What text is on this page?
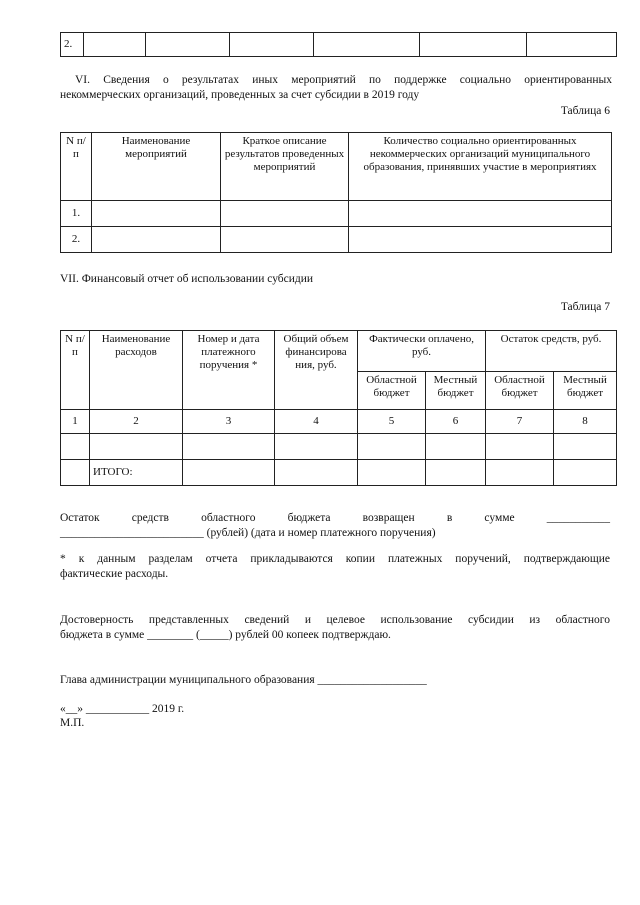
2.						
VI. Сведения о результатах иных мероприятий по поддержке социально ориентированных
некоммерческих организаций, проведенных за счет субсидии в 2019 году
Таблица 6
N п/п	Наименование мероприятий	Краткое описание результатов проведенных мероприятий	Количество социально ориентированных некоммерческих организаций муниципального образования, принявших участие в мероприятиях
1.			
2.			
VII. Финансовый отчет об использовании субсидии
Таблица 7
N п/п	Наименование расходов	Номер и дата платежного поручения *	Общий объем финансирова ния, руб.	Фактически оплачено, руб.		Остаток средств, руб.	
				Областной бюджет	Местный бюджет	Областной бюджет	Местный бюджет
1	2	3	4	5	6	7	8

	ИТОГО:						
Остаток средств областного бюджета возвращен в сумме ___________
_________________________ (рублей) (дата и номер платежного поручения)
* к данным разделам отчета прикладываются копии платежных поручений, подтверждающие
фактические расходы.
Достоверность представленных сведений и целевое использование субсидии из областного
бюджета в сумме ________ (_____) рублей 00 копеек подтверждаю.
Глава администрации муниципального образования ___________________
«__» ___________ 2019 г.
М.П.
